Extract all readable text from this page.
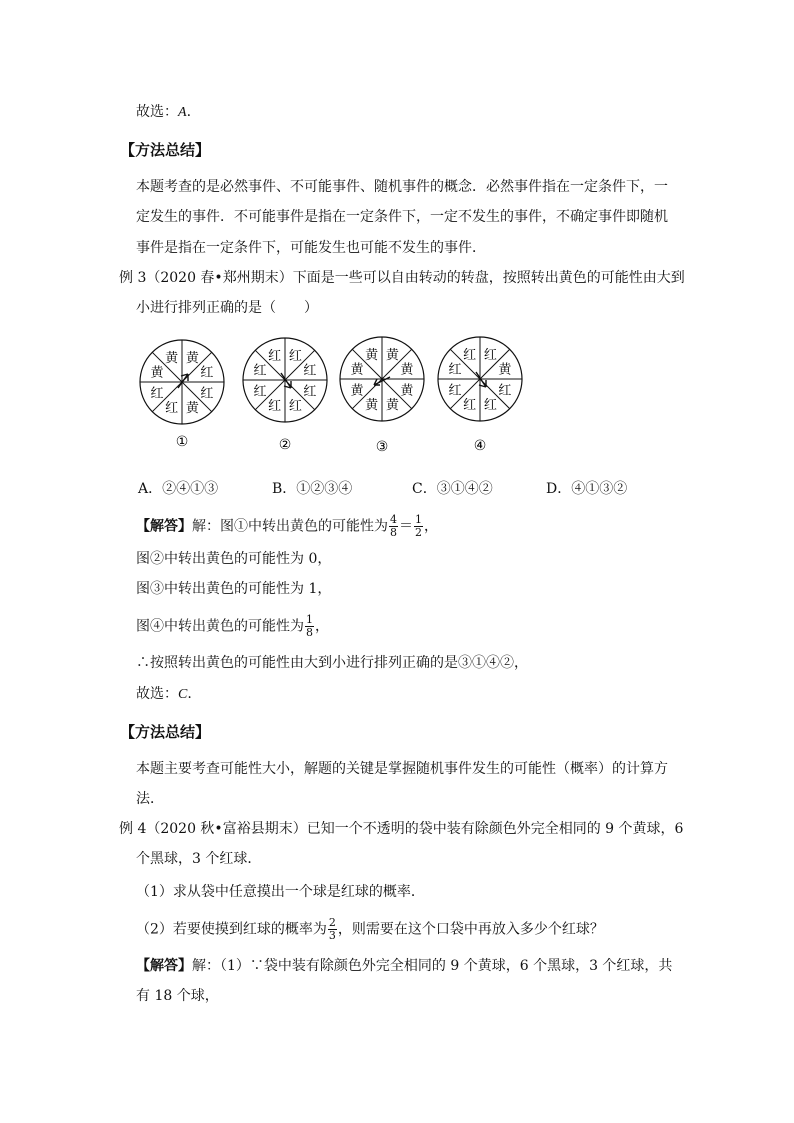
故选：A.
【方法总结】
本题考查的是必然事件、不可能事件、随机事件的概念．必然事件指在一定条件下，一
定发生的事件．不可能事件是指在一定条件下，一定不发生的事件，不确定事件即随机
事件是指在一定条件下，可能发生也可能不发生的事件．
例 3（2020 春•郑州期末）下面是一些可以自由转动的转盘，按照转出黄色的可能性由大到
小进行排列正确的是（　　）
黄
红
红
黄
红
红
黄
黄
①
红
红
红
红
红
红
红
红
②
黄
黄
黄
黄
黄
黄
黄
黄
③
红
黄
红
红
红
红
红
红
④
A．②④①③	B．①②③④	C．③①④②	D．④①③②
【解答】解：图①中转出黄色的可能性为 $\frac{4}{8} = \frac{1}{2}$ ，
图②中转出黄色的可能性为 0，
图③中转出黄色的可能性为 1，
图④中转出黄色的可能性为 $\frac{1}{8}$ ，
∴按照转出黄色的可能性由大到小进行排列正确的是③①④②，
故选：C.
【方法总结】
本题主要考查可能性大小，解题的关键是掌握随机事件发生的可能性（概率）的计算方
法．
例 4（2020 秋•富裕县期末）已知一个不透明的袋中装有除颜色外完全相同的 9 个黄球，6
个黑球，3 个红球．
（1）求从袋中任意摸出一个球是红球的概率．
（2）若要使摸到红球的概率为 $\frac{2}{3}$ ，则需要在这个口袋中再放入多少个红球？
【解答】解：（1）∵袋中装有除颜色外完全相同的 9 个黄球，6 个黑球，3 个红球，共
有 18 个球，
